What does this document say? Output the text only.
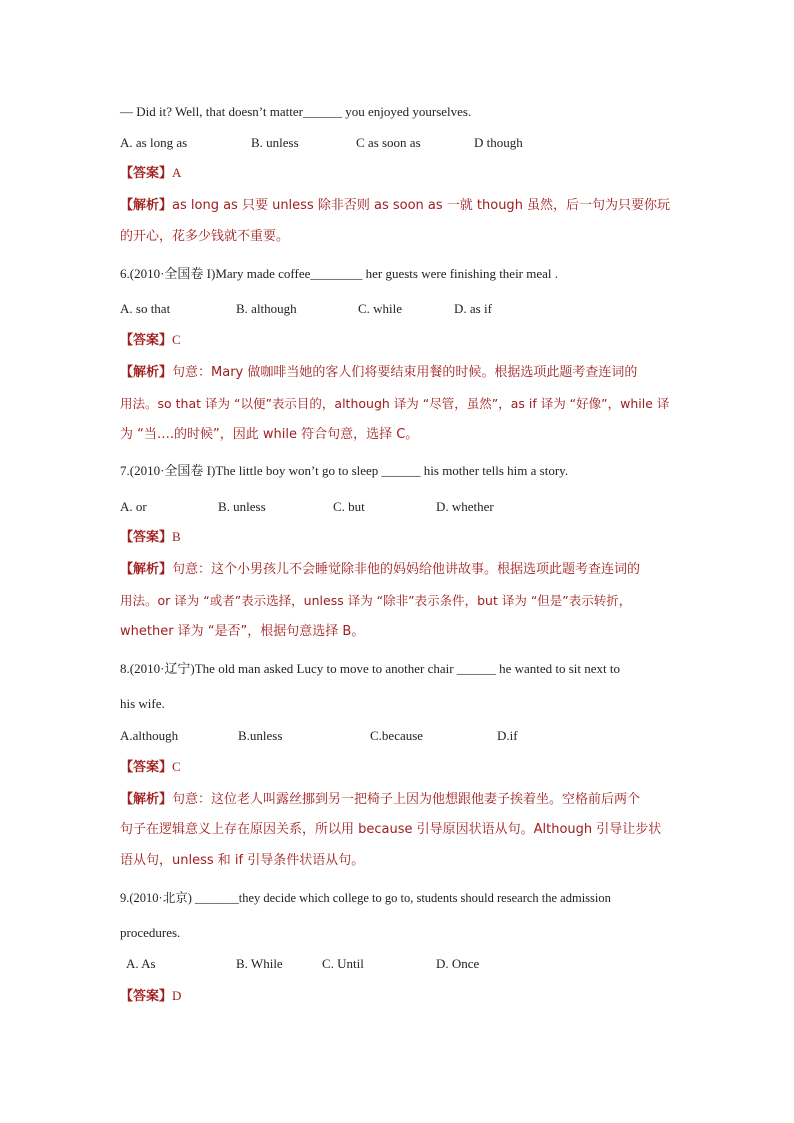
— Did it? Well, that doesn’t matter______ you enjoyed yourselves.
A. as long as	B. unless	C as soon as	D though
【答案】A
【解析】as long as 只要 unless 除非否则 as soon as 一就 though 虽然，后一句为只要你玩
的开心，花多少钱就不重要。
6.(2010·全国卷 I)Mary made coffee________ her guests were finishing their meal .
A. so that	B. although	C. while	D. as if
【答案】C
【解析】句意：Mary 做咖啡当她的客人们将要结束用餐的时候。根据选项此题考查连词的
用法。so that 译为 “以便”表示目的，although 译为 “尽管，虽然”，as if 译为 “好像”，while 译
为 “当….的时候”，因此 while 符合句意，选择 C。
7.(2010·全国卷 I)The little boy won’t go to sleep ______ his mother tells him a story.
A. or	B. unless	C. but	D. whether
【答案】B
【解析】句意：这个小男孩儿不会睡觉除非他的妈妈给他讲故事。根据选项此题考查连词的
用法。or 译为 “或者”表示选择，unless 译为 “除非”表示条件，but 译为 “但是”表示转折，
whether 译为 “是否”，根据句意选择 B。
8.(2010·辽宁)The old man asked Lucy to move to another chair ______ he wanted to sit next to
his wife.
A.although	B.unless	C.because	D.if
【答案】C
【解析】句意：这位老人叫露丝挪到另一把椅子上因为他想跟他妻子挨着坐。空格前后两个
句子在逻辑意义上存在原因关系，所以用 because 引导原因状语从句。Although 引导让步状
语从句，unless 和 if 引导条件状语从句。
9.(2010·北京) _______they decide which college to go to, students should research the admission
procedures.
A. As	B. While	C. Until	D. Once
【答案】D
